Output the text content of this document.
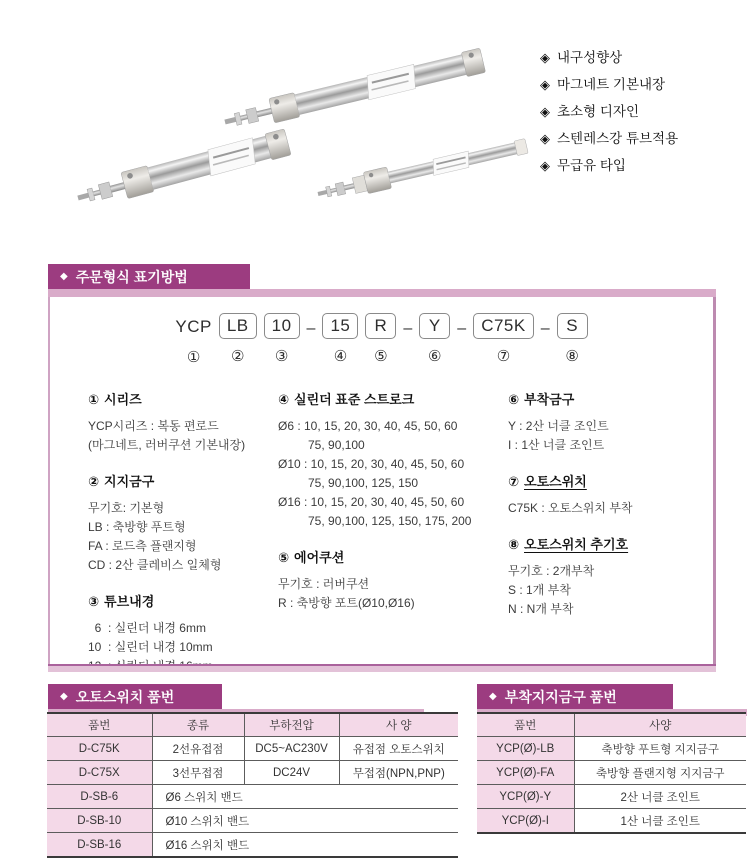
◈ 내구성향상
◈ 마그네트 기본내장
◈ 초소형 디자인
◈ 스텐레스강 튜브적용
◈ 무급유 타입
◆ 주문형식 표기방법
YCP
①
LB
②
10
③
– 15
④
R
⑤
– Y
⑥
– C75K
⑦
– S
⑧
① 시리즈
YCP시리즈 : 복동 편로드
(마그네트, 러버쿠션 기본내장)
② 지지금구
무기호: 기본형
LB : 축방향 푸트형
FA : 로드측 플랜지형
CD : 2산 클레비스 일체형
③ 튜브내경
6  : 실린더 내경 6mm
10  : 실린더 내경 10mm
④ 실린더 표준 스트로크
Ø6 : 10, 15, 20, 30, 40, 45, 50, 60
75, 90,100
Ø10 : 10, 15, 20, 30, 40, 45, 50, 60
75, 90,100, 125, 150
Ø16 : 10, 15, 20, 30, 40, 45, 50, 60
75, 90,100, 125, 150, 175, 200
⑤ 에어쿠션
무기호 : 러버쿠션
R : 축방향 포트(Ø10,Ø16)
⑥ 부착금구
Y : 2산 너클 조인트
I : 1산 너클 조인트
⑦ 오토스위치
C75K : 오토스위치 부착
⑧ 오토스위치 추기호
무기호 : 2개부착
S : 1개 부착
N : N개 부착
◆ 오토스위치 품번
품번	종류	부하전압	사 양
D-C75K	2선유접점	DC5~AC230V	유접점 오토스위치
D-C75X	3선무접점	DC24V	무접점(NPN,PNP)
D-SB-6	Ø6 스위치 밴드		
D-SB-10	Ø10 스위치 밴드		
D-SB-16	Ø16 스위치 밴드		
◆ 부착지지금구 품번
품번	사양
YCP(Ø)-LB	축방향 푸트형 지지금구
YCP(Ø)-FA	축방향 플랜지형 지지금구
YCP(Ø)-Y	2산 너클 조인트
YCP(Ø)-I	1산 너클 조인트
